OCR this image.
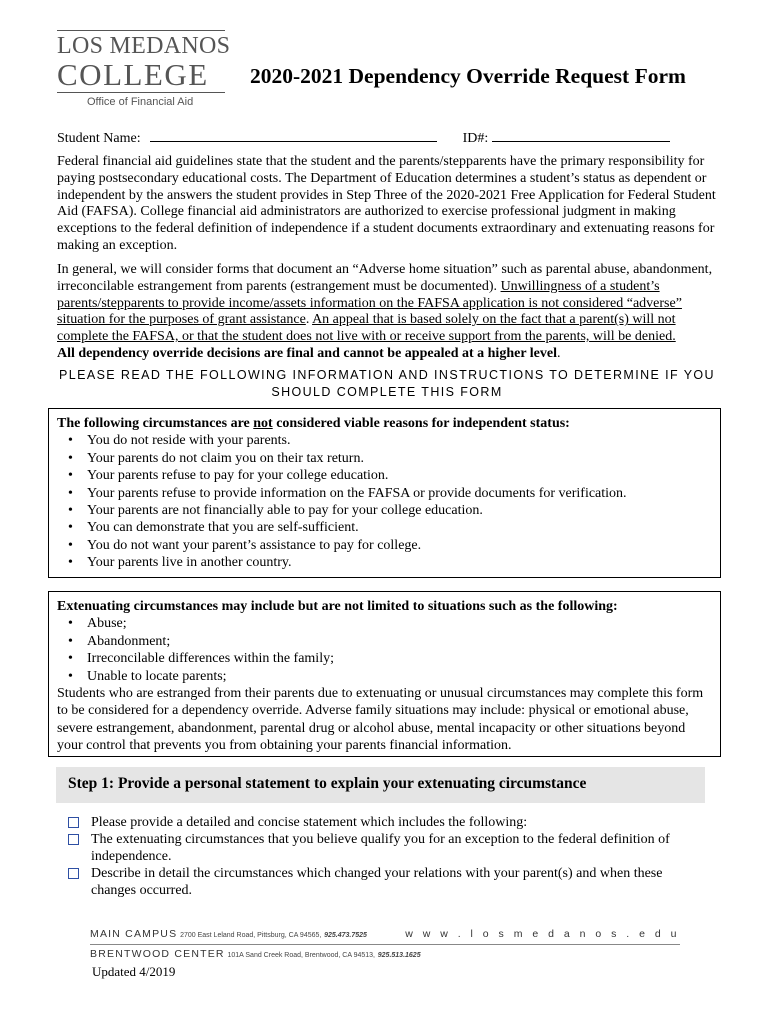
LOS MEDANOS
COLLEGE
Office of Financial Aid
2020-2021 Dependency Override Request Form
Student Name:	ID#:
Federal financial aid guidelines state that the student and the parents/stepparents have the primary responsibility for paying postsecondary educational costs. The Department of Education determines a student’s status as dependent or independent by the answers the student provides in Step Three of the 2020-2021 Free Application for Federal Student Aid (FAFSA). College financial aid administrators are authorized to exercise professional judgment in making exceptions to the federal definition of independence if a student documents extraordinary and extenuating reasons for making an exception.
In general, we will consider forms that document an “Adverse home situation” such as parental abuse, abandonment, irreconcilable estrangement from parents (estrangement must be documented). Unwillingness of a student’s parents/stepparents to provide income/assets information on the FAFSA application is not considered “adverse” situation for the purposes of grant assistance. An appeal that is based solely on the fact that a parent(s) will not complete the FAFSA, or that the student does not live with or receive support from the parents, will be denied.
All dependency override decisions are final and cannot be appealed at a higher level.
PLEASE READ THE FOLLOWING INFORMATION AND INSTRUCTIONS TO DETERMINE IF YOU SHOULD COMPLETE THIS FORM
The following circumstances are not considered viable reasons for independent status:
• You do not reside with your parents.
• Your parents do not claim you on their tax return.
• Your parents refuse to pay for your college education.
• Your parents refuse to provide information on the FAFSA or provide documents for verification.
• Your parents are not financially able to pay for your college education.
• You can demonstrate that you are self-sufficient.
• You do not want your parent’s assistance to pay for college.
• Your parents live in another country.
Extenuating circumstances may include but are not limited to situations such as the following:
• Abuse;
• Abandonment;
• Irreconcilable differences within the family;
• Unable to locate parents;
Students who are estranged from their parents due to extenuating or unusual circumstances may complete this form to be considered for a dependency override. Adverse family situations may include: physical or emotional abuse, severe estrangement, abandonment, parental drug or alcohol abuse, mental incapacity or other situations beyond your control that prevents you from obtaining your parents financial information.
Step 1: Provide a personal statement to explain your extenuating circumstance
Please provide a detailed and concise statement which includes the following:
The extenuating circumstances that you believe qualify you for an exception to the federal definition of independence.
Describe in detail the circumstances which changed your relations with your parent(s) and when these changes occurred.
MAIN CAMPUS 2700 East Leland Road, Pittsburg, CA 94565, 925.473.7525	w w w . l o s m e d a n o s . e d u
BRENTWOOD CENTER 101A Sand Creek Road, Brentwood, CA 94513, 925.513.1625
Updated 4/2019
